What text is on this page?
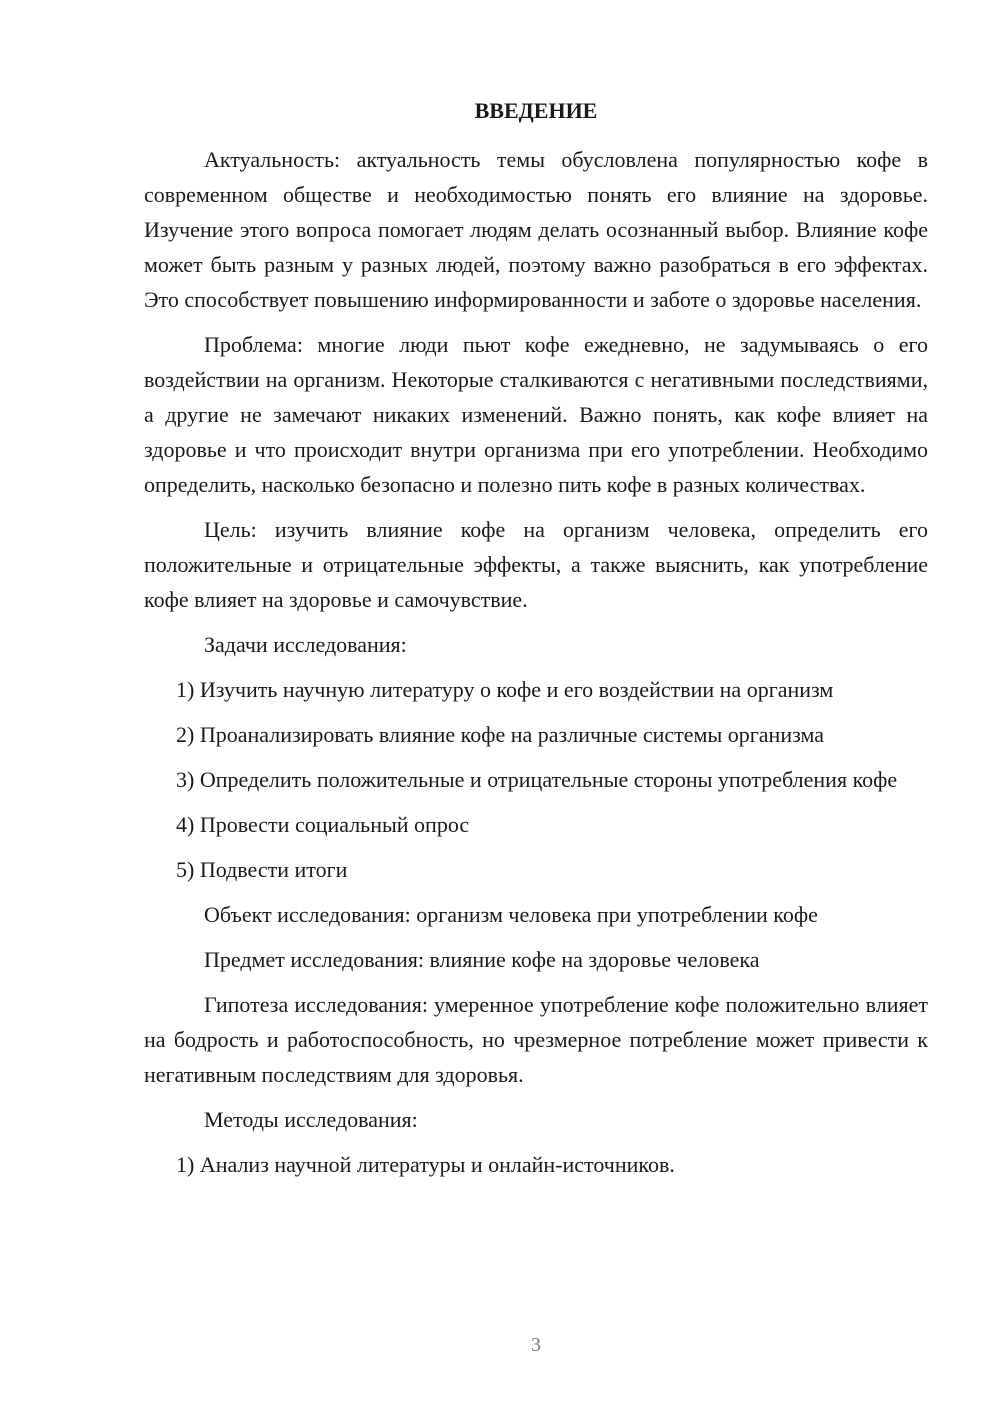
ВВЕДЕНИЕ

Актуальность: актуальность темы обусловлена популярностью кофе в современном обществе и необходимостью понять его влияние на здоровье. Изучение этого вопроса помогает людям делать осознанный выбор. Влияние кофе может быть разным у разных людей, поэтому важно разобраться в его эффектах. Это способствует повышению информированности и заботе о здоровье населения.

Проблема: многие люди пьют кофе ежедневно, не задумываясь о его воздействии на организм. Некоторые сталкиваются с негативными последствиями, а другие не замечают никаких изменений. Важно понять, как кофе влияет на здоровье и что происходит внутри организма при его употреблении. Необходимо определить, насколько безопасно и полезно пить кофе в разных количествах.

Цель: изучить влияние кофе на организм человека, определить его положительные и отрицательные эффекты, а также выяснить, как употребление кофе влияет на здоровье и самочувствие.

Задачи исследования:

1) Изучить научную литературу о кофе и его воздействии на организм

2) Проанализировать влияние кофе на различные системы организма

3) Определить положительные и отрицательные стороны употребления кофе

4) Провести социальный опрос

5) Подвести итоги

Объект исследования: организм человека при употреблении кофе

Предмет исследования: влияние кофе на здоровье человека

Гипотеза исследования: умеренное употребление кофе положительно влияет на бодрость и работоспособность, но чрезмерное потребление может привести к негативным последствиям для здоровья.

Методы исследования:

1) Анализ научной литературы и онлайн-источников.

3
